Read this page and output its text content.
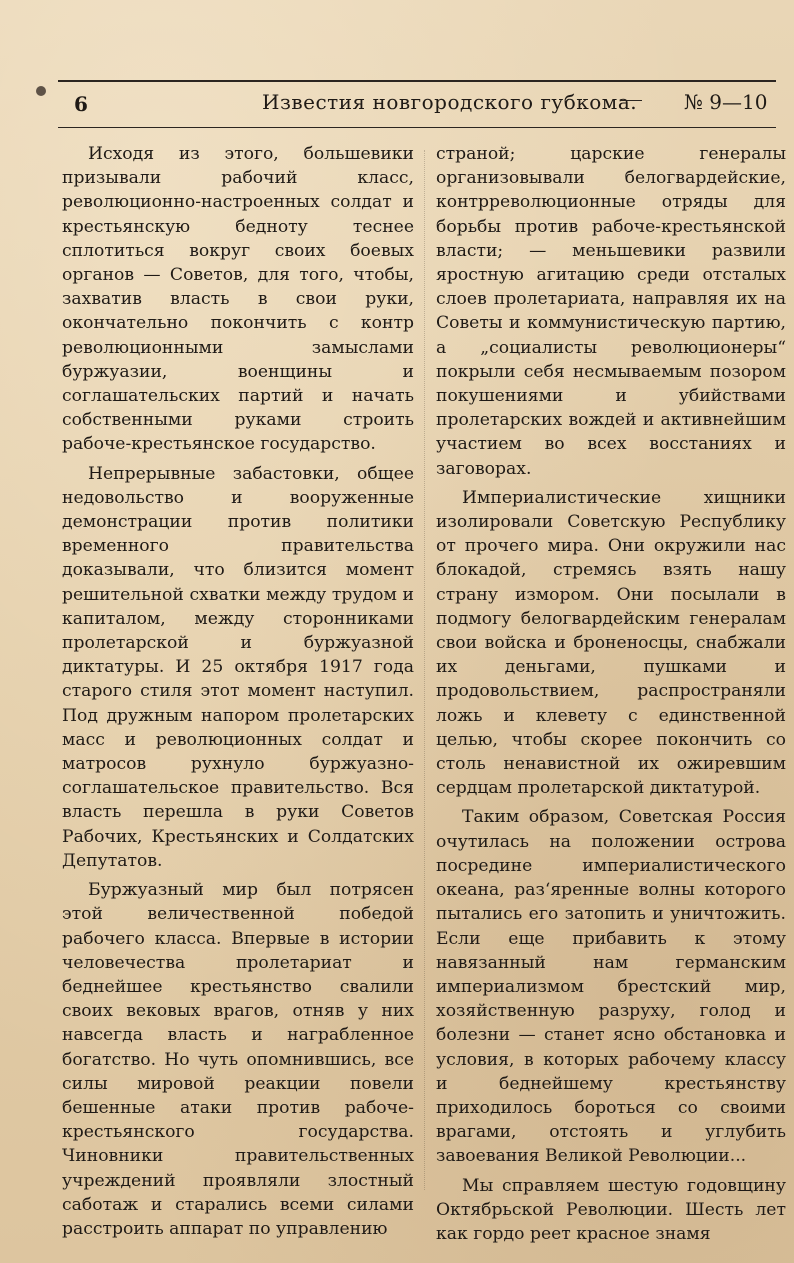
6	Известия новгородского губкома. № 9—10

Исходя из этого, большевики призывали рабочий класс, революционно-настроенных солдат и крестьянскую бедноту теснее сплотиться вокруг своих боевых органов — Советов, для того, чтобы, захватив власть в свои руки, окончательно покончить с контр революционными замыслами буржуазии, военщины и соглашательских партий и начать собственными руками строить рабоче-крестьянское государство.

Непрерывные забастовки, общее недовольство и вооруженные демонстрации против политики временного правительства доказывали, что близится момент решительной схватки между трудом и капиталом, между сторонниками пролетарской и буржуазной диктатуры. И 25 октября 1917 года старого стиля этот момент наступил. Под дружным напором пролетарских масс и революционных солдат и матросов рухнуло буржуазно-соглашательское правительство. Вся власть перешла в руки Советов Рабочих, Крестьянских и Солдатских Депутатов.

Буржуазный мир был потрясен этой величественной победой рабочего класса. Впервые в истории человечества пролетариат и беднейшее крестьянство свалили своих вековых врагов, отняв у них навсегда власть и награбленное богатство. Но чуть опомнившись, все силы мировой реакции повели бешенные атаки против рабоче-крестьянского государства. Чиновники правительственных учреждений проявляли злостный саботаж и старались всеми силами расстроить аппарат по управлению

страной; царские генералы организовывали белогвардейские, контрреволюционные отряды для борьбы против рабоче-крестьянской власти; — меньшевики развили яростную агитацию среди отсталых слоев пролетариата, направляя их на Советы и коммунистическую партию, а „социалисты революционеры“ покрыли себя несмываемым позором покушениями и убийствами пролетарских вождей и активнейшим участием во всех восстаниях и заговорах.

Империалистические хищники изолировали Советскую Республику от прочего мира. Они окружили нас блокадой, стремясь взять нашу страну измором. Они посылали в подмогу белогвардейским генералам свои войска и броненосцы, снабжали их деньгами, пушками и продовольствием, распространяли ложь и клевету с единственной целью, чтобы скорее покончить со столь ненавистной их ожиревшим сердцам пролетарской диктатурой.

Таким образом, Советская Россия очутилась на положении острова посредине империалистического океана, раз‘яренные волны которого пытались его затопить и уничтожить. Если еще прибавить к этому навязанный нам германским империализмом брестский мир, хозяйственную разруху, голод и болезни — станет ясно обстановка и условия, в которых рабочему классу и беднейшему крестьянству приходилось бороться со своими врагами, отстоять и углубить завоевания Великой Революции...

Мы справляем шестую годовщину Октябрьской Революции. Шесть лет как гордо реет красное знамя
